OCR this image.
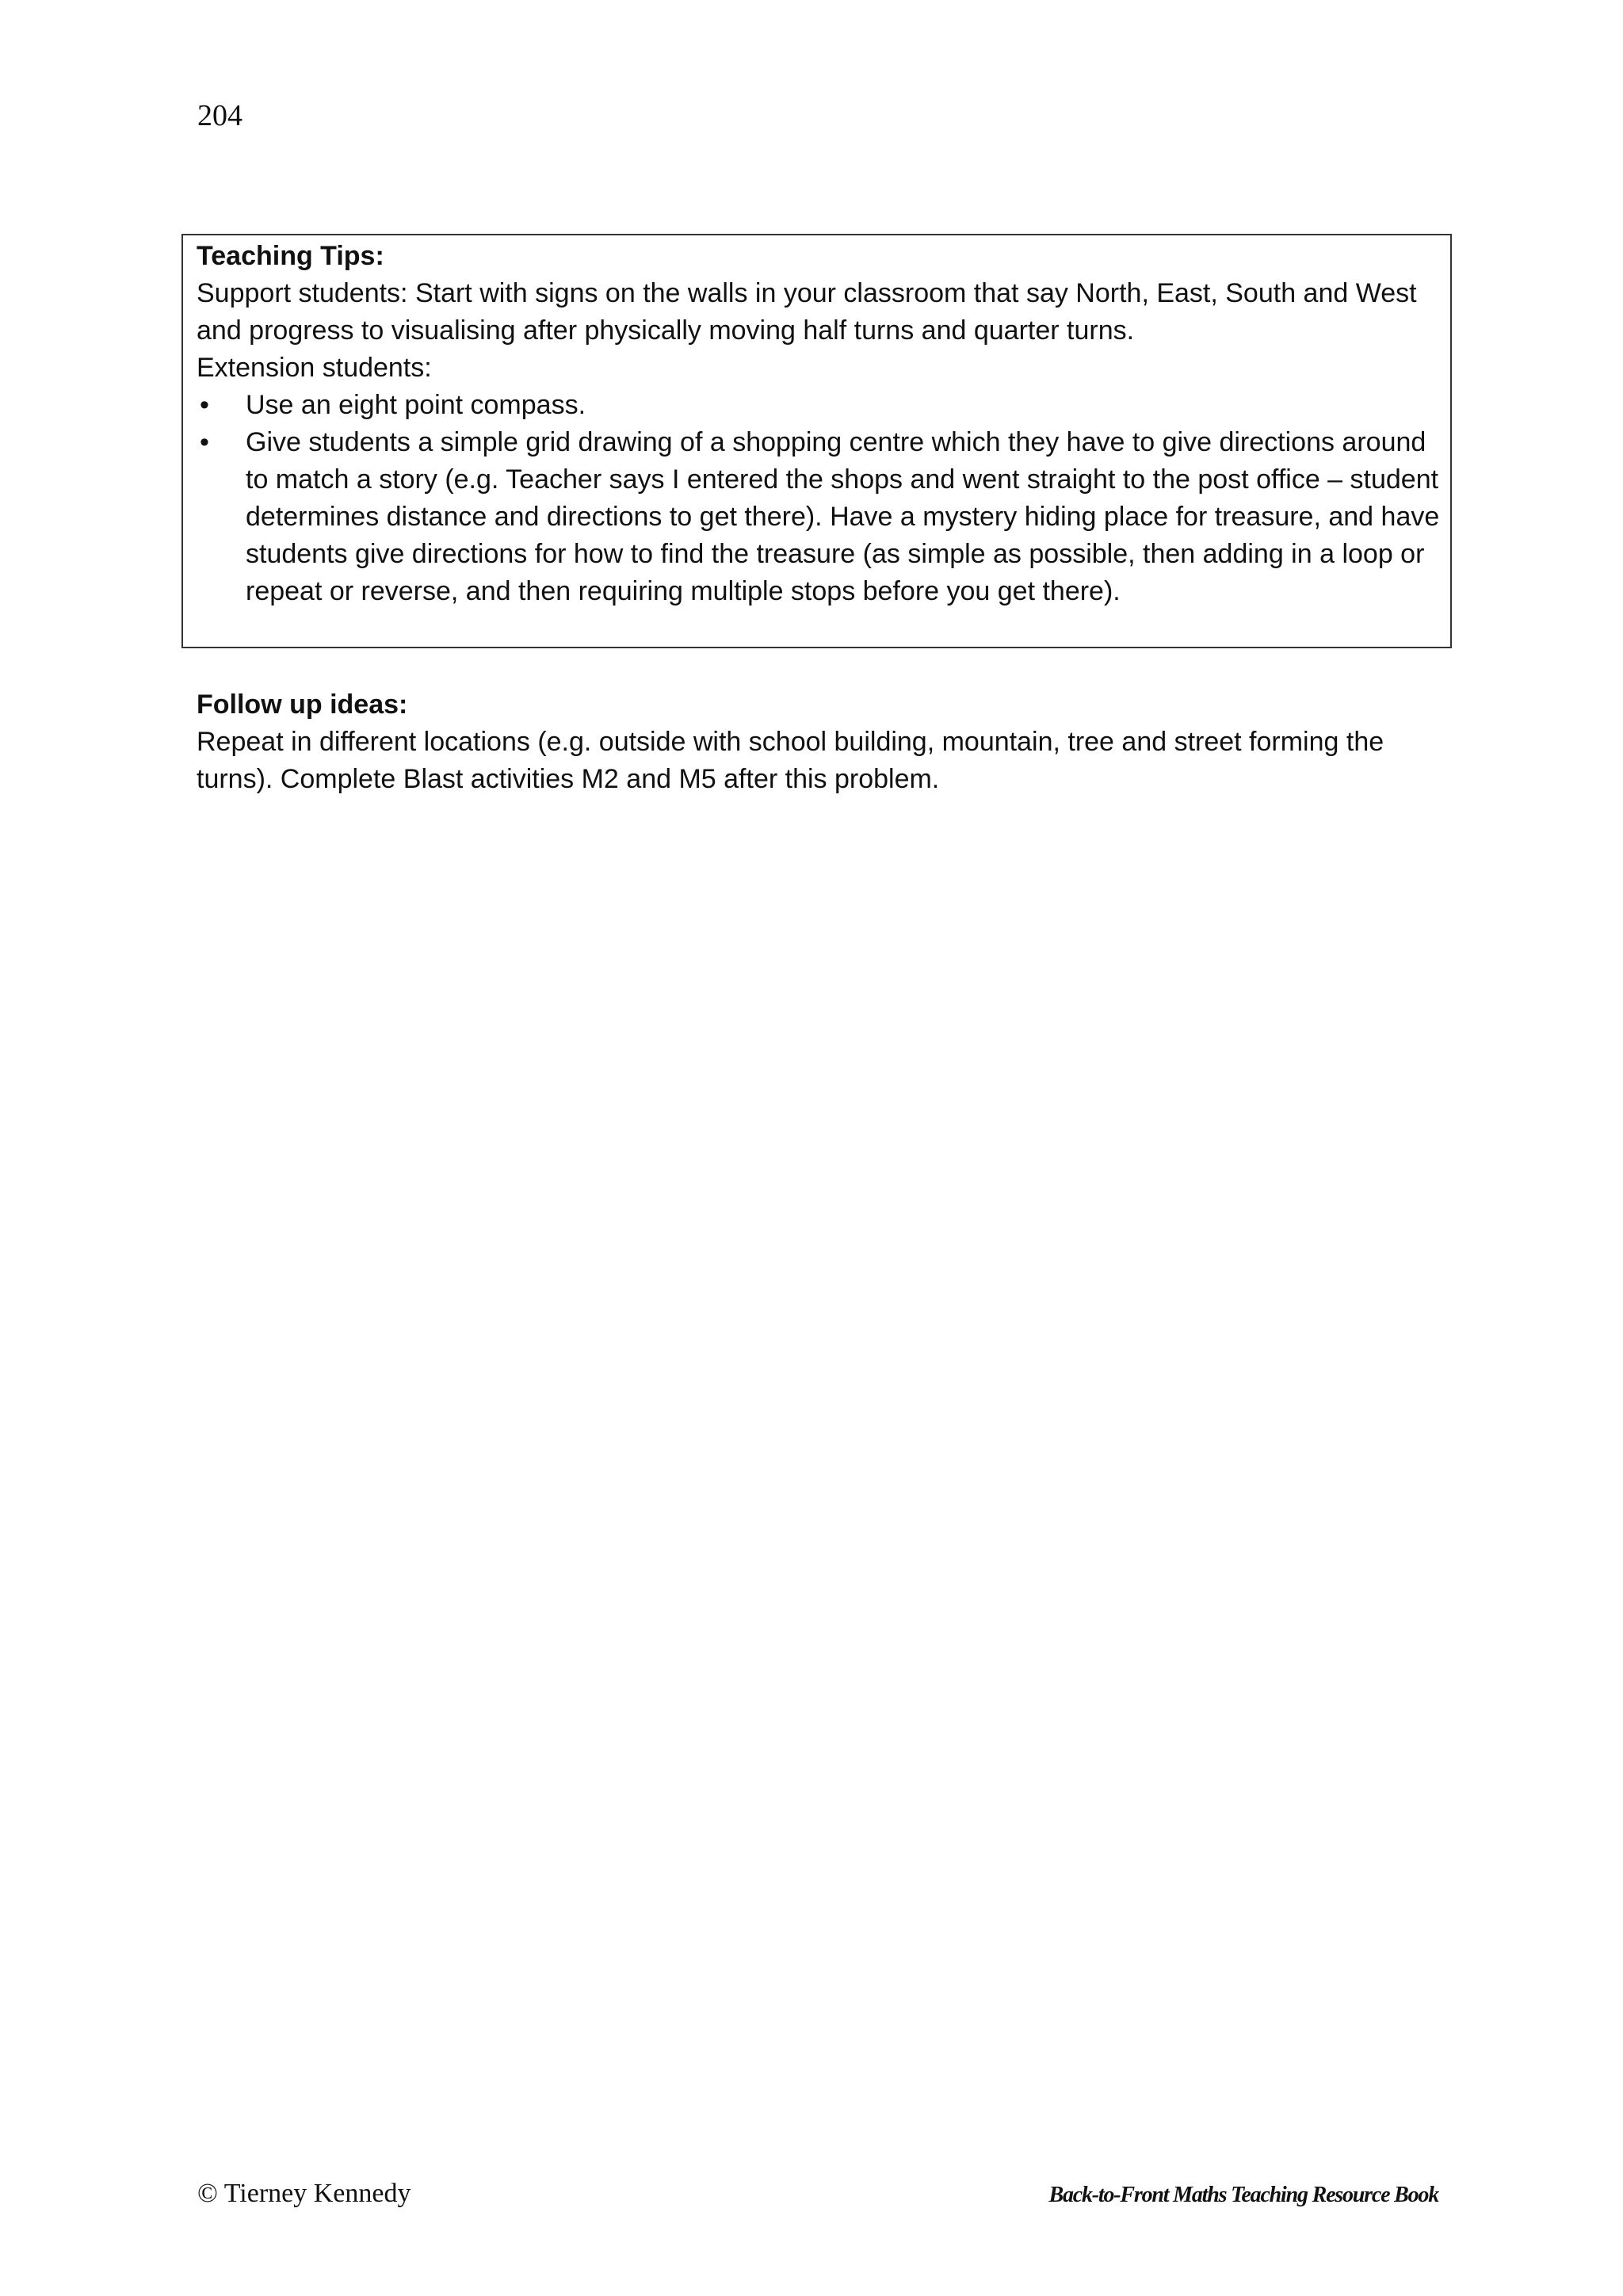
204

Teaching Tips:

Support students: Start with signs on the walls in your classroom that say North, East, South and West and progress to visualising after physically moving half turns and quarter turns.

Extension students:

• Use an eight point compass.
• Give students a simple grid drawing of a shopping centre which they have to give directions around to match a story (e.g. Teacher says I entered the shops and went straight to the post office – student determines distance and directions to get there). Have a mystery hiding place for treasure, and have students give directions for how to find the treasure (as simple as possible, then adding in a loop or repeat or reverse, and then requiring multiple stops before you get there).

Follow up ideas:

Repeat in different locations (e.g. outside with school building, mountain, tree and street forming the turns). Complete Blast activities M2 and M5 after this problem.

© Tierney Kennedy	Back-to-Front Maths Teaching Resource Book
